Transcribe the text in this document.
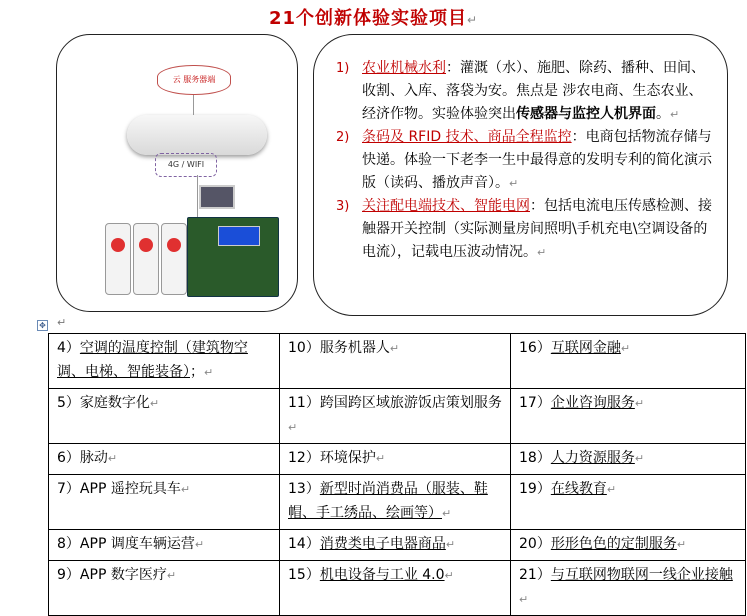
21个创新体验实验项目↵
云 服务器端
4G / WIFI
1) 农业机械水利：灌溉（水）、施肥、除药、播种、田间、收割、入库、落袋为安。焦点是 涉农电商、生态农业、经济作物。实验体验突出传感器与监控人机界面。↵
2) 条码及 RFID 技术、商品全程监控：电商包括物流存储与快递。体验一下老李一生中最得意的发明专利的简化演示版（读码、播放声音）。↵
3) 关注配电端技术、智能电网：包括电流电压传感检测、接触器开关控制（实际测量房间照明\手机充电\空调设备的电流），记载电压波动情况。↵
✥ ↵
4）空调的温度控制（建筑物空调、电梯、智能装备）；↵	10）服务机器人↵	16）互联网金融↵
5）家庭数字化↵	11）跨国跨区域旅游饭店策划服务↵	17）企业咨询服务↵
6）脉动↵	12）环境保护↵	18）人力资源服务↵
7）APP 遥控玩具车↵	13）新型时尚消费品（服装、鞋帽、手工绣品、绘画等）↵	19）在线教育↵
8）APP 调度车辆运营↵	14）消费类电子电器商品↵	20）形形色色的定制服务↵
9）APP 数字医疗↵	15）机电设备与工业 4.0↵	21）与互联网物联网一线企业接触↵
